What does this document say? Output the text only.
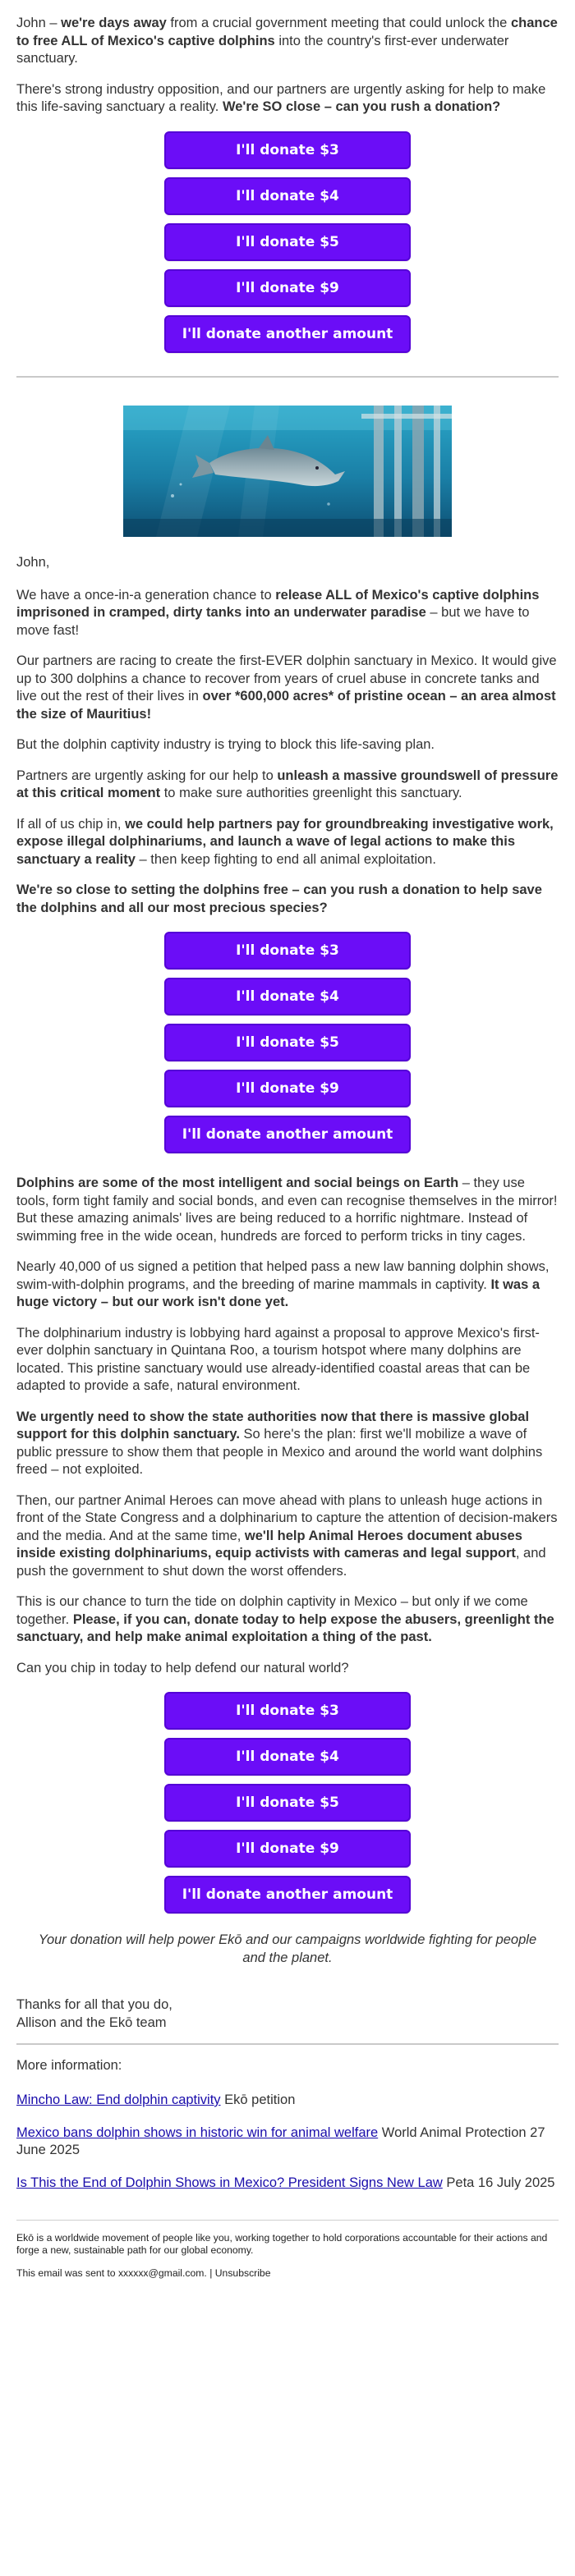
John – we're days away from a crucial government meeting that could unlock the chance to free ALL of Mexico's captive dolphins into the country's first-ever underwater sanctuary.

There's strong industry opposition, and our partners are urgently asking for help to make this life-saving sanctuary a reality. We're SO close – can you rush a donation?

I'll donate $3
I'll donate $4
I'll donate $5
I'll donate $9
I'll donate another amount

John,

We have a once-in-a generation chance to release ALL of Mexico's captive dolphins imprisoned in cramped, dirty tanks into an underwater paradise – but we have to move fast!

Our partners are racing to create the first-EVER dolphin sanctuary in Mexico. It would give up to 300 dolphins a chance to recover from years of cruel abuse in concrete tanks and live out the rest of their lives in over *600,000 acres* of pristine ocean – an area almost the size of Mauritius!

But the dolphin captivity industry is trying to block this life-saving plan.

Partners are urgently asking for our help to unleash a massive groundswell of pressure at this critical moment to make sure authorities greenlight this sanctuary.

If all of us chip in, we could help partners pay for groundbreaking investigative work, expose illegal dolphinariums, and launch a wave of legal actions to make this sanctuary a reality – then keep fighting to end all animal exploitation.

We're so close to setting the dolphins free – can you rush a donation to help save the dolphins and all our most precious species?

I'll donate $3
I'll donate $4
I'll donate $5
I'll donate $9
I'll donate another amount

Dolphins are some of the most intelligent and social beings on Earth – they use tools, form tight family and social bonds, and even can recognise themselves in the mirror! But these amazing animals' lives are being reduced to a horrific nightmare. Instead of swimming free in the wide ocean, hundreds are forced to perform tricks in tiny cages.

Nearly 40,000 of us signed a petition that helped pass a new law banning dolphin shows, swim-with-dolphin programs, and the breeding of marine mammals in captivity. It was a huge victory – but our work isn't done yet.

The dolphinarium industry is lobbying hard against a proposal to approve Mexico's first-ever dolphin sanctuary in Quintana Roo, a tourism hotspot where many dolphins are located. This pristine sanctuary would use already-identified coastal areas that can be adapted to provide a safe, natural environment.

We urgently need to show the state authorities now that there is massive global support for this dolphin sanctuary. So here's the plan: first we'll mobilize a wave of public pressure to show them that people in Mexico and around the world want dolphins freed – not exploited.

Then, our partner Animal Heroes can move ahead with plans to unleash huge actions in front of the State Congress and a dolphinarium to capture the attention of decision-makers and the media. And at the same time, we'll help Animal Heroes document abuses inside existing dolphinariums, equip activists with cameras and legal support, and push the government to shut down the worst offenders.

This is our chance to turn the tide on dolphin captivity in Mexico – but only if we come together. Please, if you can, donate today to help expose the abusers, greenlight the sanctuary, and help make animal exploitation a thing of the past.

Can you chip in today to help defend our natural world?

I'll donate $3
I'll donate $4
I'll donate $5
I'll donate $9
I'll donate another amount

Your donation will help power Ekō and our campaigns worldwide fighting for people and the planet.

Thanks for all that you do,
Allison and the Ekō team

More information:

Mincho Law: End dolphin captivity Ekō petition

Mexico bans dolphin shows in historic win for animal welfare World Animal Protection 27 June 2025

Is This the End of Dolphin Shows in Mexico? President Signs New Law Peta 16 July 2025

Ekō is a worldwide movement of people like you, working together to hold corporations accountable for their actions and forge a new, sustainable path for our global economy.

This email was sent to xxxxxx@gmail.com. | Unsubscribe
